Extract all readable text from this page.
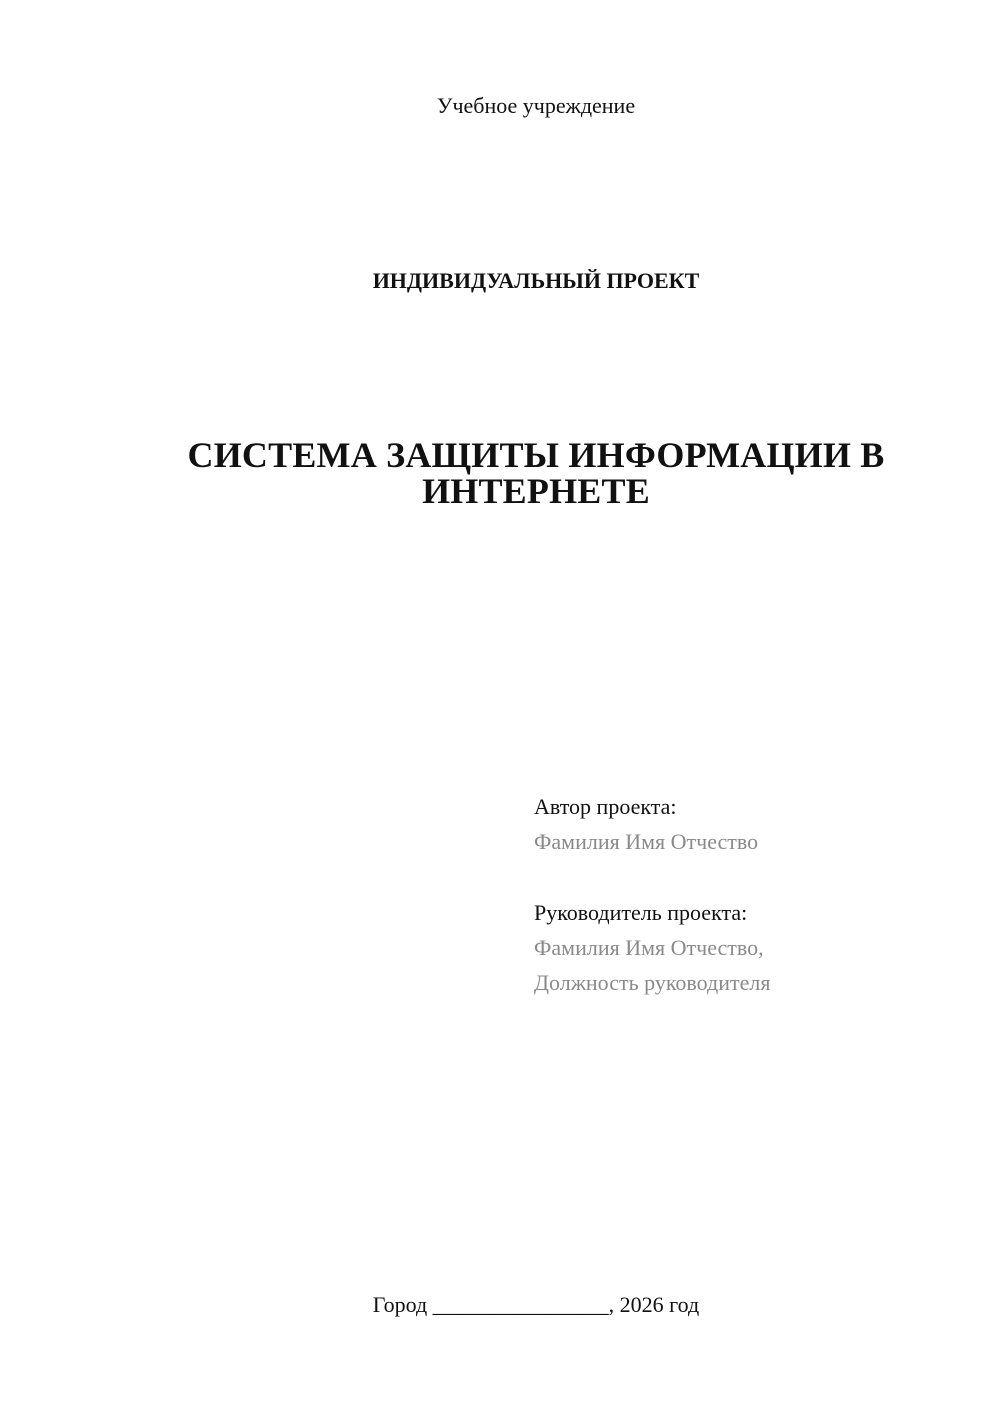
Учебное учреждение
ИНДИВИДУАЛЬНЫЙ ПРОЕКТ
СИСТЕМА ЗАЩИТЫ ИНФОРМАЦИИ В ИНТЕРНЕТЕ
Автор проекта:
Фамилия Имя Отчество
Руководитель проекта:
Фамилия Имя Отчество,
Должность руководителя
Город ________________, 2026 год
